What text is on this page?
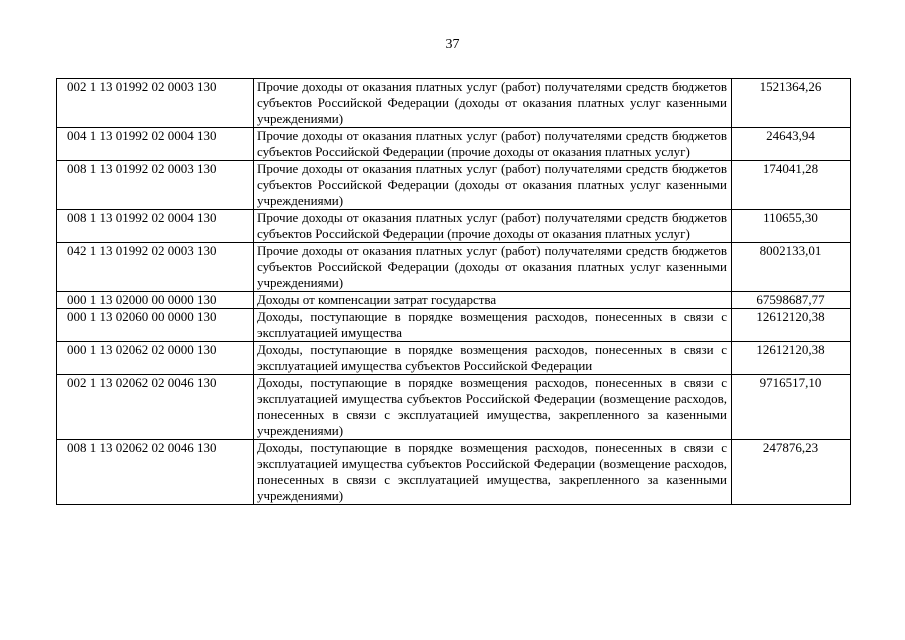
37
002 1 13 01992 02 0003 130	Прочие доходы от оказания платных услуг (работ) получателями средств бюджетов субъектов Российской Федерации (доходы от оказания платных услуг казенными учреждениями)	1521364,26
004 1 13 01992 02 0004 130	Прочие доходы от оказания платных услуг (работ) получателями средств бюджетов субъектов Российской Федерации (прочие доходы от оказания платных услуг)	24643,94
008 1 13 01992 02 0003 130	Прочие доходы от оказания платных услуг (работ) получателями средств бюджетов субъектов Российской Федерации (доходы от оказания платных услуг казенными учреждениями)	174041,28
008 1 13 01992 02 0004 130	Прочие доходы от оказания платных услуг (работ) получателями средств бюджетов субъектов Российской Федерации (прочие доходы от оказания платных услуг)	110655,30
042 1 13 01992 02 0003 130	Прочие доходы от оказания платных услуг (работ) получателями средств бюджетов субъектов Российской Федерации (доходы от оказания платных услуг казенными учреждениями)	8002133,01
000 1 13 02000 00 0000 130	Доходы от компенсации затрат государства	67598687,77
000 1 13 02060 00 0000 130	Доходы, поступающие в порядке возмещения расходов, понесенных в связи с эксплуатацией имущества	12612120,38
000 1 13 02062 02 0000 130	Доходы, поступающие в порядке возмещения расходов, понесенных в связи с эксплуатацией имущества субъектов Российской Федерации	12612120,38
002 1 13 02062 02 0046 130	Доходы, поступающие в порядке возмещения расходов, понесенных в связи с эксплуатацией имущества субъектов Российской Федерации (возмещение расходов, понесенных в связи с эксплуатацией имущества, закрепленного за казенными учреждениями)	9716517,10
008 1 13 02062 02 0046 130	Доходы, поступающие в порядке возмещения расходов, понесенных в связи с эксплуатацией имущества субъектов Российской Федерации (возмещение расходов, понесенных в связи с эксплуатацией имущества, закрепленного за казенными учреждениями)	247876,23
